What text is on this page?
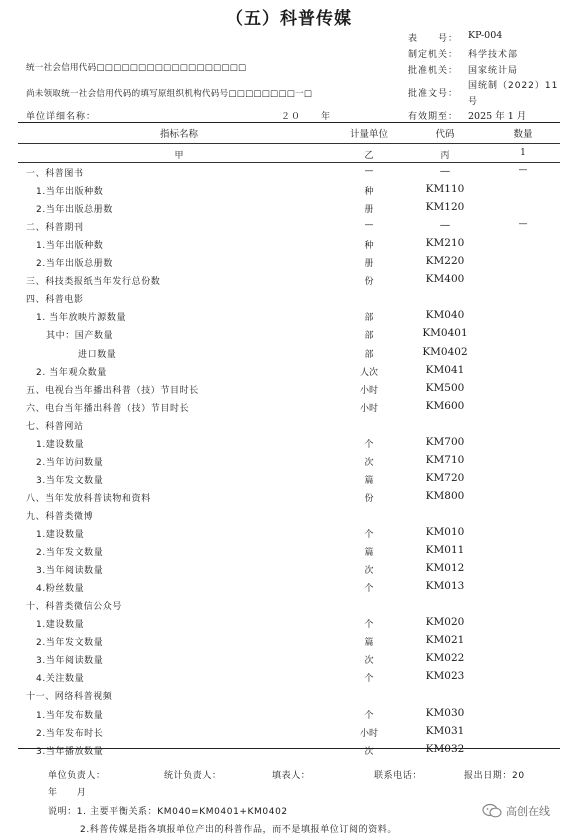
（五）科普传媒
表　　号： KP-004
制定机关： 科学技术部
批准机关： 国家统计局
批准文号：
国统制（2022）11
号
有效期至： 2025 年 1 月
统一社会信用代码□□□□□□□□□□□□□□□□□□
尚未领取统一社会信用代码的填写原组织机构代码号□□□□□□□□一□
单位详细名称：	２０　　年
指标名称	计量单位	代码	数量
甲	乙	丙	1
一、科普图书	—	—	—
1.当年出版种数	种	KM110
2.当年出版总册数	册	KM120
二、科普期刊	—	—	—
1.当年出版种数	种	KM210
2.当年出版总册数	册	KM220
三、科技类报纸当年发行总份数	份	KM400
四、科普电影
1. 当年放映片源数量	部	KM040
其中：国产数量	部	KM0401
进口数量	部	KM0402
2. 当年观众数量	人次	KM041
五、电视台当年播出科普（技）节目时长	小时	KM500
六、电台当年播出科普（技）节目时长	小时	KM600
七、科普网站
1.建设数量	个	KM700
2.当年访问数量	次	KM710
3.当年发文数量	篇	KM720
八、当年发放科普读物和资料	份	KM800
九、科普类微博
1.建设数量	个	KM010
2.当年发文数量	篇	KM011
3.当年阅读数量	次	KM012
4.粉丝数量	个	KM013
十、科普类微信公众号
1.建设数量	个	KM020
2.当年发文数量	篇	KM021
3.当年阅读数量	次	KM022
4.关注数量	个	KM023
十一、网络科普视频
1.当年发布数量	个	KM030
2.当年发布时长	小时	KM031
3.当年播放数量	次	KM032
单位负责人：	统计负责人：	填表人：	联系电话：	报出日期：20
年　　月
说明：1. 主要平衡关系：KM040=KM0401+KM0402
2.科普传媒是指各填报单位产出的科普作品，而不是填报单位订阅的资料。
高创在线
